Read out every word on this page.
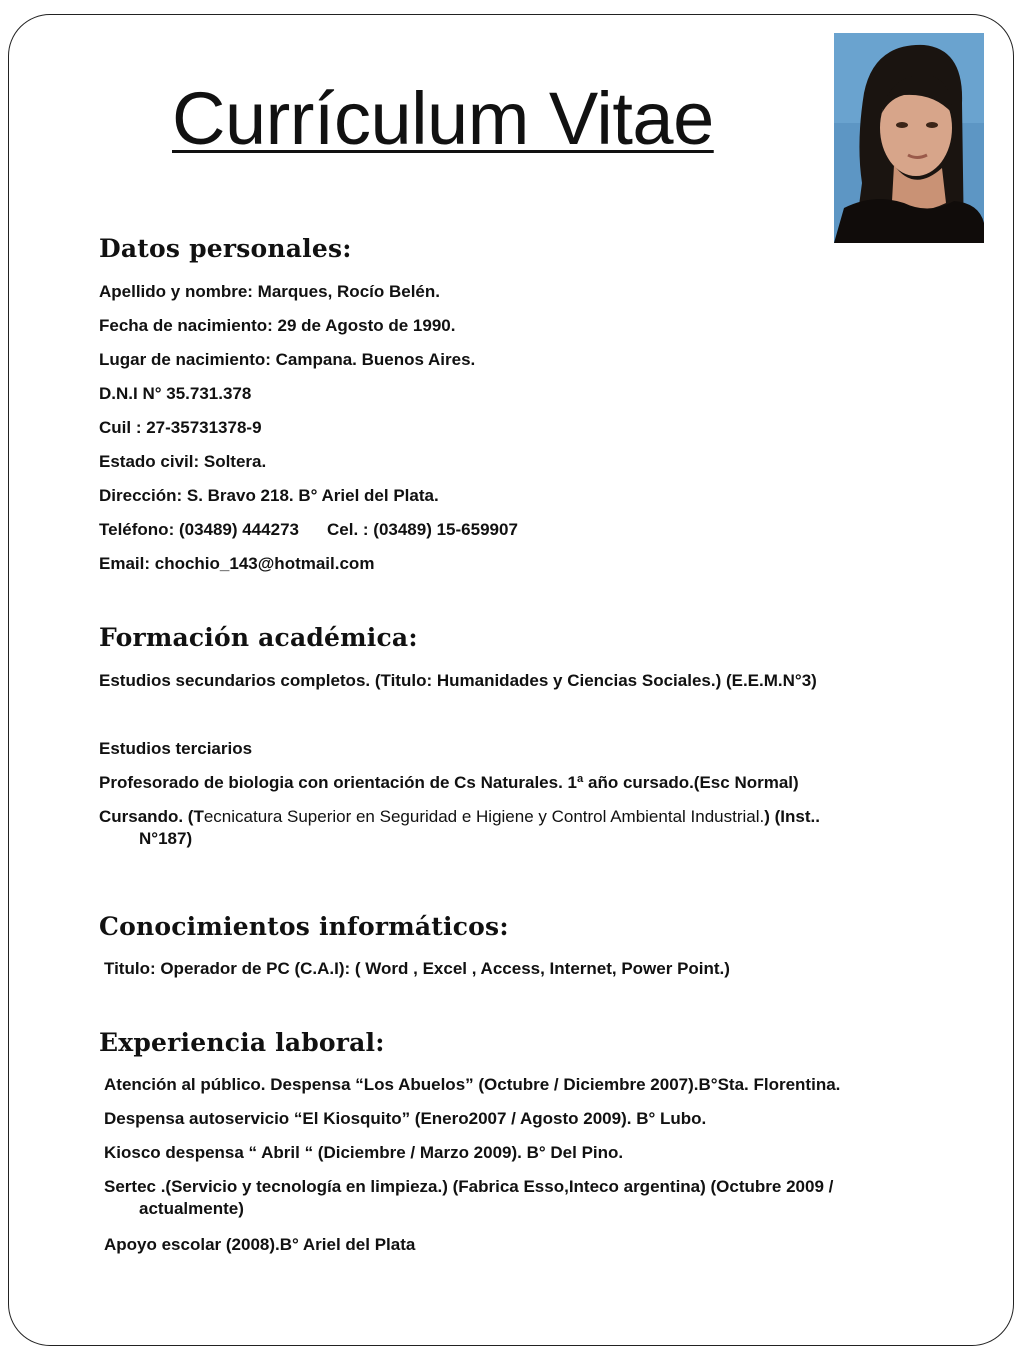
Currículum Vitae
Datos personales:

Apellido y nombre: Marques, Rocío Belén.

Fecha de nacimiento: 29 de Agosto de 1990.

Lugar de nacimiento: Campana. Buenos Aires.

D.N.I N° 35.731.378

Cuil : 27-35731378-9

Estado civil: Soltera.

Dirección: S. Bravo 218. B° Ariel del Plata.

Teléfono: (03489) 444273 Cel. : (03489) 15-659907

Email: chochio_143@hotmail.com

Formación académica:

Estudios secundarios completos. (Titulo: Humanidades y Ciencias Sociales.) (E.E.M.N°3)

Estudios terciarios

Profesorado de biologia con orientación de Cs Naturales. 1ª año cursado.(Esc Normal)

Cursando. (Tecnicatura Superior en Seguridad e Higiene y Control Ambiental Industrial.) (Inst..
N°187)

Conocimientos informáticos:

Titulo: Operador de PC (C.A.I): ( Word , Excel , Access, Internet, Power Point.)

Experiencia laboral:

Atención al público. Despensa “Los Abuelos” (Octubre / Diciembre 2007).B°Sta. Florentina.

Despensa autoservicio “El Kiosquito” (Enero2007 / Agosto 2009). B° Lubo.

Kiosco despensa “ Abril “ (Diciembre / Marzo 2009). B° Del Pino.

Sertec .(Servicio y tecnología en limpieza.) (Fabrica Esso,Inteco argentina) (Octubre 2009 /
actualmente)

Apoyo escolar (2008).B° Ariel del Plata
